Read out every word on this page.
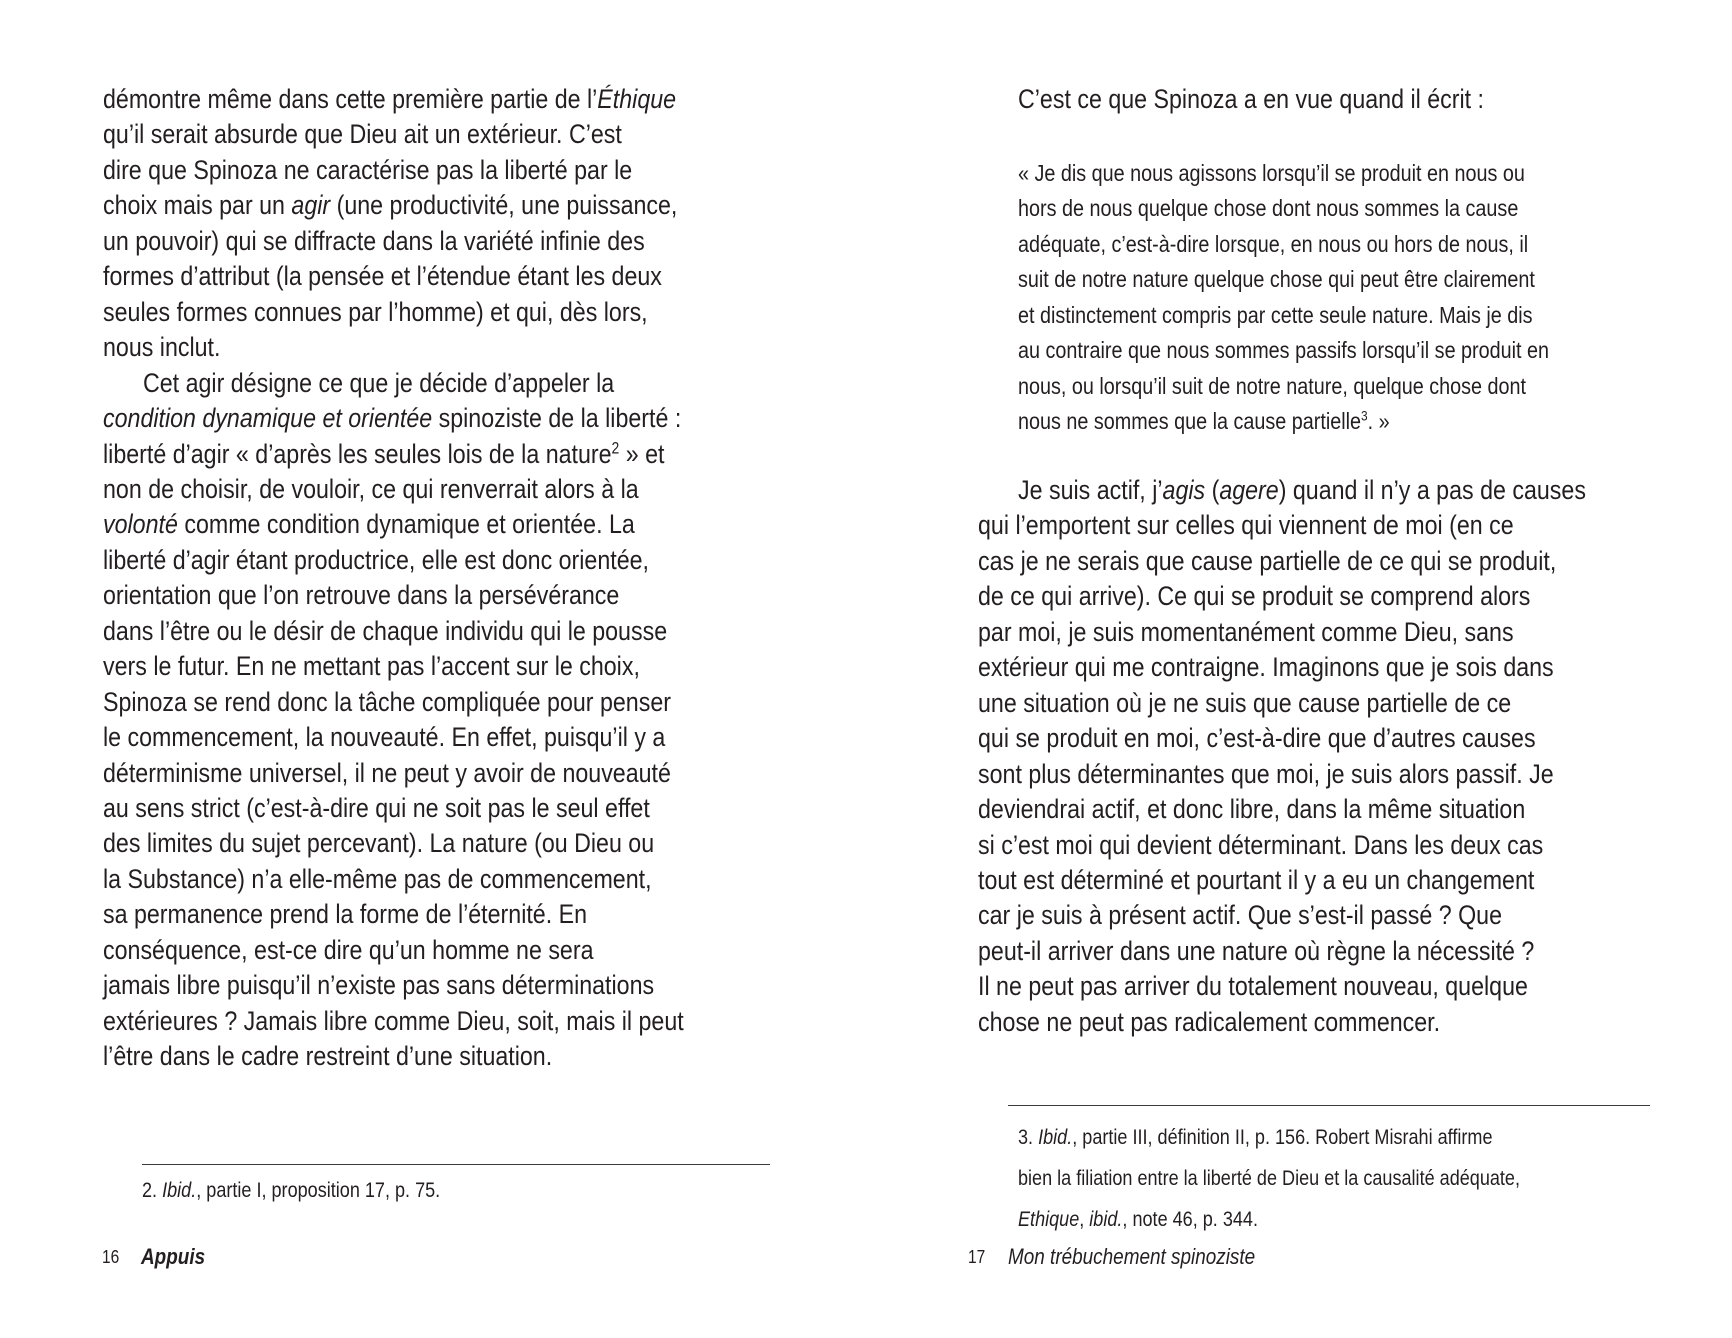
démontre même dans cette première partie de l’Éthique
qu’il serait absurde que Dieu ait un extérieur. C’est
dire que Spinoza ne caractérise pas la liberté par le
choix mais par un agir (une productivité, une puissance,
un pouvoir) qui se diffracte dans la variété infinie des
formes d’attribut (la pensée et l’étendue étant les deux
seules formes connues par l’homme) et qui, dès lors,
nous inclut.
Cet agir désigne ce que je décide d’appeler la
condition dynamique et orientée spinoziste de la liberté :
liberté d’agir « d’après les seules lois de la nature$^2$ » et
non de choisir, de vouloir, ce qui renverrait alors à la
volonté comme condition dynamique et orientée. La
liberté d’agir étant productrice, elle est donc orientée,
orientation que l’on retrouve dans la persévérance
dans l’être ou le désir de chaque individu qui le pousse
vers le futur. En ne mettant pas l’accent sur le choix,
Spinoza se rend donc la tâche compliquée pour penser
le commencement, la nouveauté. En effet, puisqu’il y a
déterminisme universel, il ne peut y avoir de nouveauté
au sens strict (c’est-à-dire qui ne soit pas le seul effet
des limites du sujet percevant). La nature (ou Dieu ou
la Substance) n’a elle-même pas de commencement,
sa permanence prend la forme de l’éternité. En
conséquence, est-ce dire qu’un homme ne sera
jamais libre puisqu’il n’existe pas sans déterminations
extérieures ? Jamais libre comme Dieu, soit, mais il peut
l’être dans le cadre restreint d’une situation.
2. Ibid., partie I, proposition 17, p. 75.
16 Appuis
C’est ce que Spinoza a en vue quand il écrit :
« Je dis que nous agissons lorsqu’il se produit en nous ou
hors de nous quelque chose dont nous sommes la cause
adéquate, c’est-à-dire lorsque, en nous ou hors de nous, il
suit de notre nature quelque chose qui peut être clairement
et distinctement compris par cette seule nature. Mais je dis
au contraire que nous sommes passifs lorsqu’il se produit en
nous, ou lorsqu’il suit de notre nature, quelque chose dont
nous ne sommes que la cause partielle$^3$. »
Je suis actif, j’agis (agere) quand il n’y a pas de causes
qui l’emportent sur celles qui viennent de moi (en ce
cas je ne serais que cause partielle de ce qui se produit,
de ce qui arrive). Ce qui se produit se comprend alors
par moi, je suis momentanément comme Dieu, sans
extérieur qui me contraigne. Imaginons que je sois dans
une situation où je ne suis que cause partielle de ce
qui se produit en moi, c’est-à-dire que d’autres causes
sont plus déterminantes que moi, je suis alors passif. Je
deviendrai actif, et donc libre, dans la même situation
si c’est moi qui devient déterminant. Dans les deux cas
tout est déterminé et pourtant il y a eu un changement
car je suis à présent actif. Que s’est-il passé ? Que
peut-il arriver dans une nature où règne la nécessité ?
Il ne peut pas arriver du totalement nouveau, quelque
chose ne peut pas radicalement commencer.
3. Ibid., partie III, définition II, p. 156. Robert Misrahi affirme
bien la filiation entre la liberté de Dieu et la causalité adéquate,
Ethique, ibid., note 46, p. 344.
17 Mon trébuchement spinoziste
